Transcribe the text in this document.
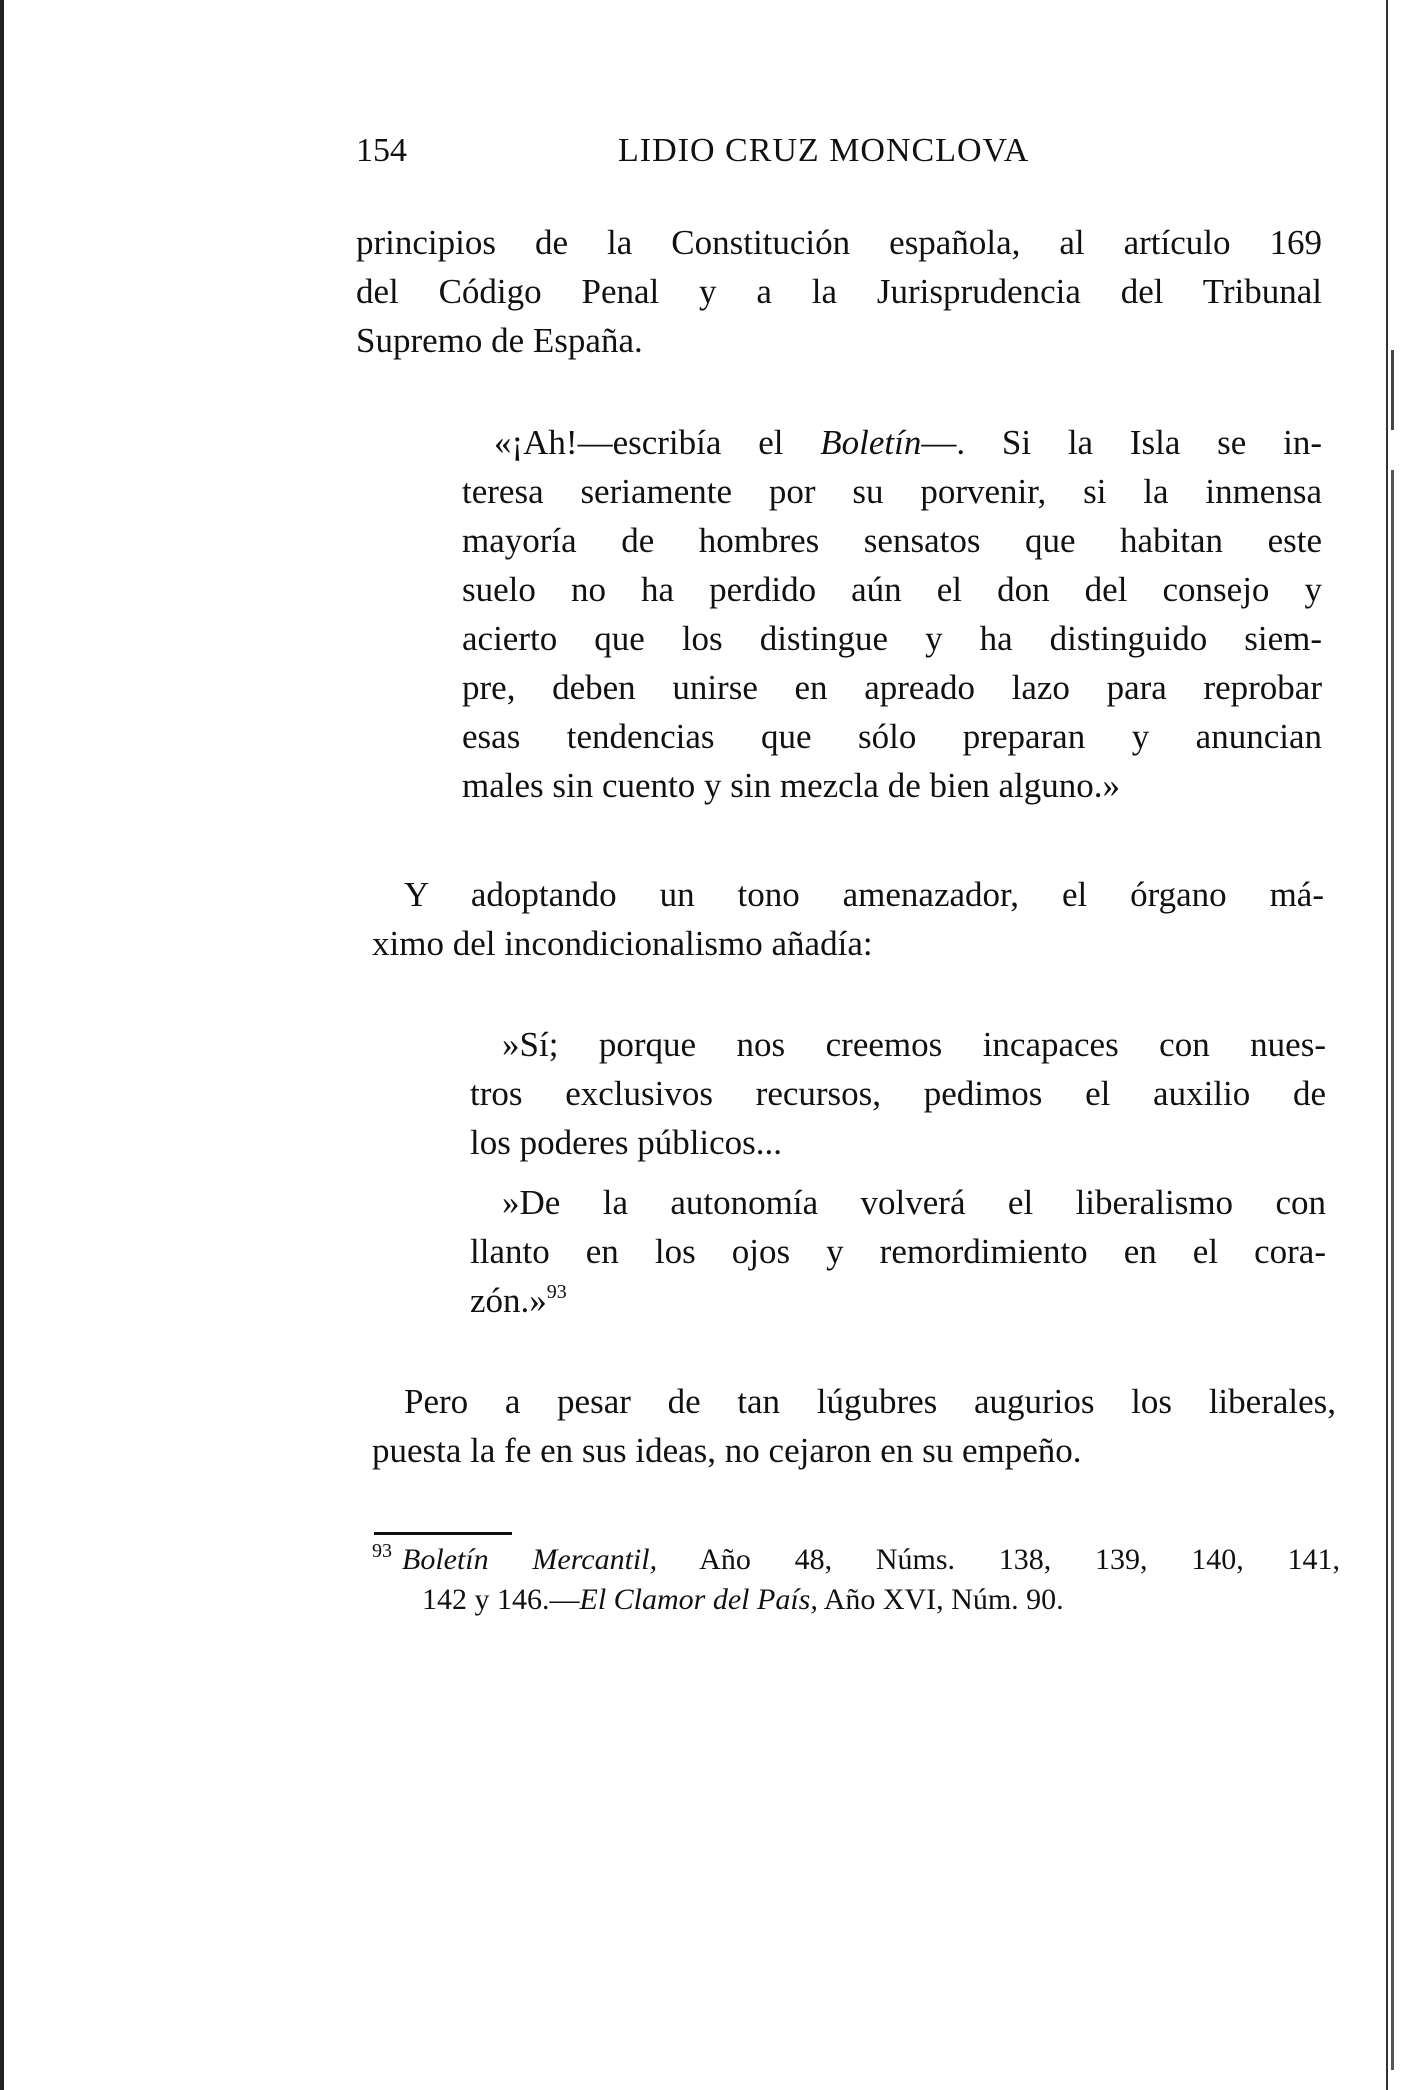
154	LIDIO CRUZ MONCLOVA
principios de la Constitución española, al artículo 169
del Código Penal y a la Jurisprudencia del Tribunal
Supremo de España.
«¡Ah!—escribía el Boletín—. Si la Isla se in-
teresa seriamente por su porvenir, si la inmensa
mayoría de hombres sensatos que habitan este
suelo no ha perdido aún el don del consejo y
acierto que los distingue y ha distinguido siem-
pre, deben unirse en apreado lazo para reprobar
esas tendencias que sólo preparan y anuncian
males sin cuento y sin mezcla de bien alguno.»
Y adoptando un tono amenazador, el órgano má-
ximo del incondicionalismo añadía:
»Sí; porque nos creemos incapaces con nues-
tros exclusivos recursos, pedimos el auxilio de
los poderes públicos...
»De la autonomía volverá el liberalismo con
llanto en los ojos y remordimiento en el cora-
zón.»$^{93}$
Pero a pesar de tan lúgubres augurios los liberales,
puesta la fe en sus ideas, no cejaron en su empeño.
$^{93}$ Boletín Mercantil, Año 48, Núms. 138, 139, 140, 141,
142 y 146.—El Clamor del País, Año XVI, Núm. 90.
